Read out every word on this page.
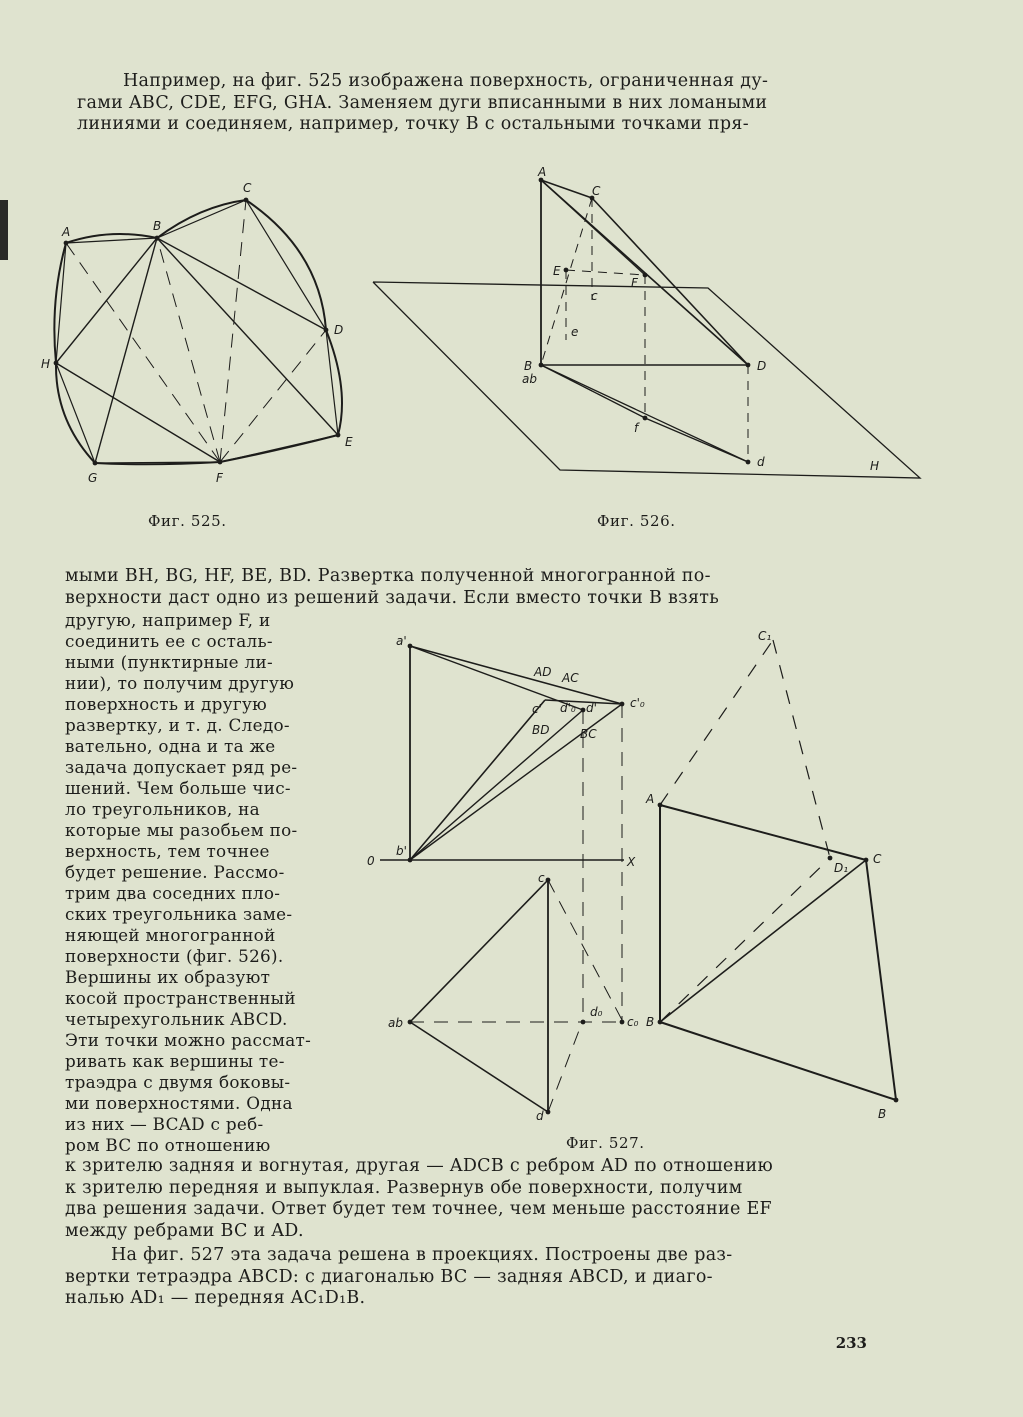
Например, на фиг. 525 изображена поверхность, ограниченная ду-
гами ABC, CDE, EFG, GHA. Заменяем дуги вписанными в них ломаными
линиями и соединяем, например, точку B с остальными точками пря-
A	B
C
D
E
F
G
H
A
C
E
F
c
e
B
ab
D
f
d	H
a'
AD AC
c'	d'	c'₀
d'₀
BD	BC
0
b'
X
c
ab
d₀
c₀
d
C₁
A
C
D₁
B
B
Фиг. 525.	Фиг. 526.
Фиг. 527.
мыми BH, BG, HF, BE, BD. Развертка полученной многогранной по-
верхности даст одно из решений задачи. Если вместо точки B взять
другую, например F, и
соединить ее с осталь-
ными (пунктирные ли-
нии), то получим другую
поверхность и другую
развертку, и т. д. Следо-
вательно, одна и та же
задача допускает ряд ре-
шений. Чем больше чис-
ло треугольников, на
которые мы разобьем по-
верхность, тем точнее
будет решение. Рассмо-
трим два соседних пло-
ских треугольника заме-
няющей многогранной
поверхности (фиг. 526).
Вершины их образуют
косой пространственный
четырехугольник ABCD.
Эти точки можно рассмат-
ривать как вершины те-
траэдра с двумя боковы-
ми поверхностями. Одна
из них — BCAD с реб-
ром BC по отношению
к зрителю задняя и вогнутая, другая — ADCB с ребром AD по отношению
к зрителю передняя и выпуклая. Развернув обе поверхности, получим
два решения задачи. Ответ будет тем точнее, чем меньше расстояние EF
между ребрами BC и AD.
На фиг. 527 эта задача решена в проекциях. Построены две раз-
вертки тетраэдра ABCD: с диагональю BC — задняя ABCD, и диаго-
налью AD₁ — передняя AC₁D₁B.
233
